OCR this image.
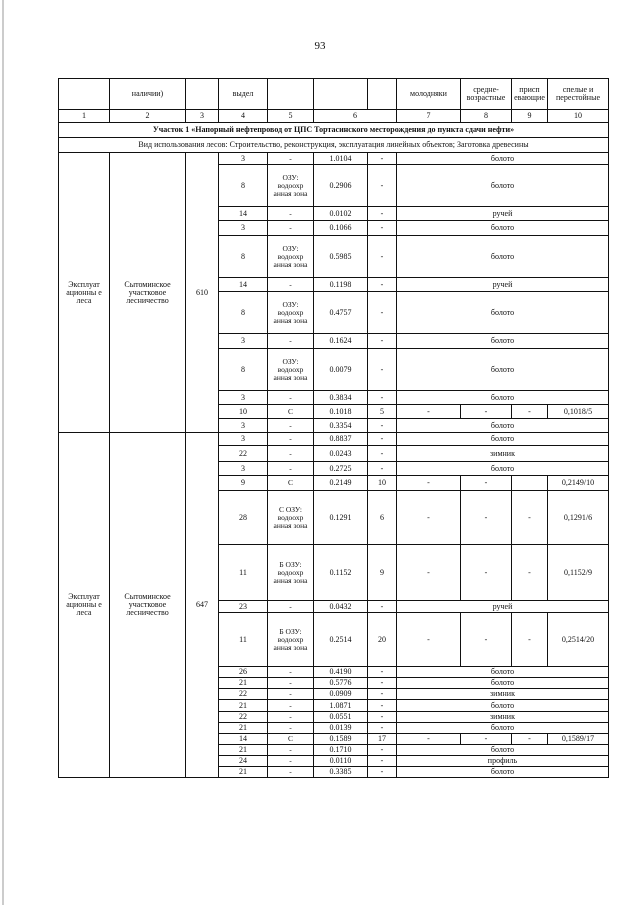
93
	наличии)		выдел				молодняки	средне-возрастные	присп евающие	спелые и перестойные
1	2	3	4	5	6		7	8	9	10
Участок 1 «Напорный нефтепровод от ЦПС Тортасинского месторождения до пункта сдачи нефти»										
Вид использования лесов: Строительство, реконструкция, эксплуатация линейных объектов; Заготовка древесины										
Эксплуат ационны е леса	Сытоминское участковое лесничество	610	3	-	1.0104	-	болото			
			8	ОЗУ: водоохр анная зона	0.2906	-	болото			
			14	-	0.0102	-	ручей			
			3	-	0.1066	-	болото			
			8	ОЗУ: водоохр анная зона	0.5985	-	болото			
			14	-	0.1198	-	ручей			
			8	ОЗУ: водоохр анная зона	0.4757	-	болото			
			3	-	0.1624	-	болото			
			8	ОЗУ: водоохр анная зона	0.0079	-	болото			
			3	-	0.3834	-	болото			
			10	С	0.1018	5	-	-	-	0,1018/5
			3	-	0.3354	-	болото			
Эксплуат ационны е леса	Сытоминское участковое лесничество	647	3	-	0.8837	-	болото			
			22	-	0.0243	-	зимник			
			3	-	0.2725	-	болото			
			9	С	0.2149	10	-	-		0,2149/10
			28	С ОЗУ: водоохр анная зона	0.1291	6	-	-	-	0,1291/6
			11	Б ОЗУ: водоохр анная зона	0.1152	9	-	-	-	0,1152/9
			23	-	0.0432	-	ручей			
			11	Б ОЗУ: водоохр анная зона	0.2514	20	-	-	-	0,2514/20
			26	-	0.4190	-	болото			
			21	-	0.5776	-	болото			
			22	-	0.0909	-	зимник			
			21	-	1.0871	-	болото			
			22	-	0.0551	-	зимник			
			21	-	0.0139	-	болото			
			14	С	0.1589	17	-	-	-	0,1589/17
			21	-	0.1710	-	болото			
			24	-	0.0110	-	профиль			
			21	-	0.3385	-	болото			
